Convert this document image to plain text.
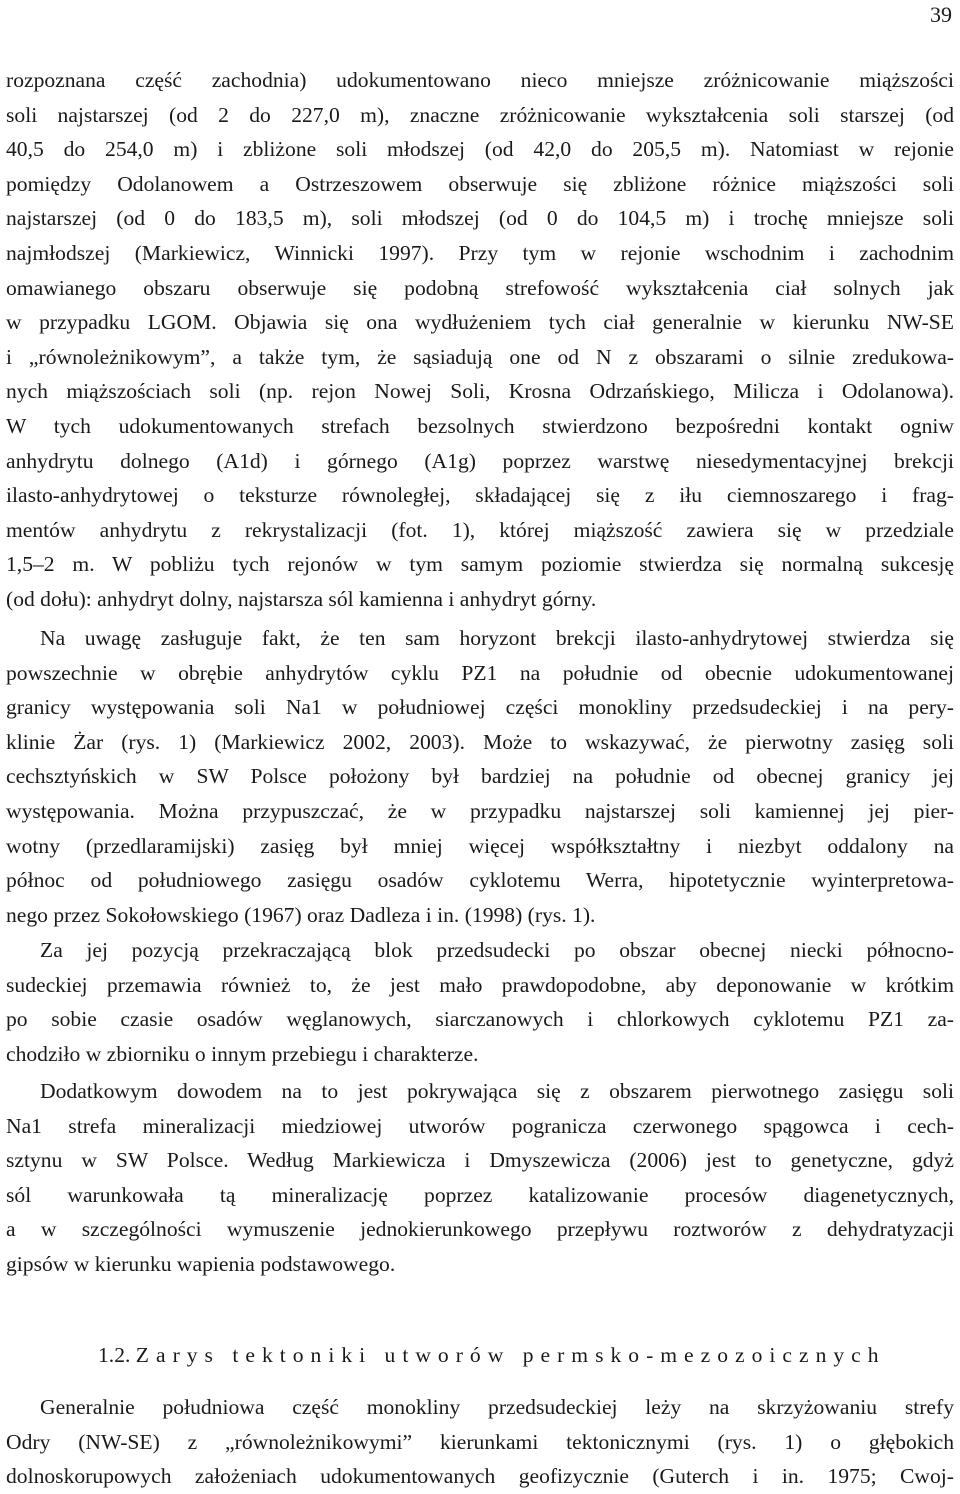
39
rozpoznana część zachodnia) udokumentowano nieco mniejsze zróżnicowanie miąższości
soli najstarszej (od 2 do 227,0 m), znaczne zróżnicowanie wykształcenia soli starszej (od
40,5 do 254,0 m) i zbliżone soli młodszej (od 42,0 do 205,5 m). Natomiast w rejonie
pomiędzy Odolanowem a Ostrzeszowem obserwuje się zbliżone różnice miąższości soli
najstarszej (od 0 do 183,5 m), soli młodszej (od 0 do 104,5 m) i trochę mniejsze soli
najmłodszej (Markiewicz, Winnicki 1997). Przy tym w rejonie wschodnim i zachodnim
omawianego obszaru obserwuje się podobną strefowość wykształcenia ciał solnych jak
w przypadku LGOM. Objawia się ona wydłużeniem tych ciał generalnie w kierunku NW-SE
i „równoleżnikowym”, a także tym, że sąsiadują one od N z obszarami o silnie zredukowa-
nych miąższościach soli (np. rejon Nowej Soli, Krosna Odrzańskiego, Milicza i Odolanowa).
W tych udokumentowanych strefach bezsolnych stwierdzono bezpośredni kontakt ogniw
anhydrytu dolnego (A1d) i górnego (A1g) poprzez warstwę niesedymentacyjnej brekcji
ilasto-anhydrytowej o teksturze równoległej, składającej się z iłu ciemnoszarego i frag-
mentów anhydrytu z rekrystalizacji (fot. 1), której miąższość zawiera się w przedziale
1,5–2 m. W pobliżu tych rejonów w tym samym poziomie stwierdza się normalną sukcesję
(od dołu): anhydryt dolny, najstarsza sól kamienna i anhydryt górny.
Na uwagę zasługuje fakt, że ten sam horyzont brekcji ilasto-anhydrytowej stwierdza się
powszechnie w obrębie anhydrytów cyklu PZ1 na południe od obecnie udokumentowanej
granicy występowania soli Na1 w południowej części monokliny przedsudeckiej i na pery-
klinie Żar (rys. 1) (Markiewicz 2002, 2003). Może to wskazywać, że pierwotny zasięg soli
cechsztyńskich w SW Polsce położony był bardziej na południe od obecnej granicy jej
występowania. Można przypuszczać, że w przypadku najstarszej soli kamiennej jej pier-
wotny (przedlaramijski) zasięg był mniej więcej współkształtny i niezbyt oddalony na
północ od południowego zasięgu osadów cyklotemu Werra, hipotetycznie wyinterpretowa-
nego przez Sokołowskiego (1967) oraz Dadleza i in. (1998) (rys. 1).
Za jej pozycją przekraczającą blok przedsudecki po obszar obecnej niecki północno-
sudeckiej przemawia również to, że jest mało prawdopodobne, aby deponowanie w krótkim
po sobie czasie osadów węglanowych, siarczanowych i chlorkowych cyklotemu PZ1 za-
chodziło w zbiorniku o innym przebiegu i charakterze.
Dodatkowym dowodem na to jest pokrywająca się z obszarem pierwotnego zasięgu soli
Na1 strefa mineralizacji miedziowej utworów pogranicza czerwonego spągowca i cech-
sztynu w SW Polsce. Według Markiewicza i Dmyszewicza (2006) jest to genetyczne, gdyż
sól warunkowała tą mineralizację poprzez katalizowanie procesów diagenetycznych,
a w szczególności wymuszenie jednokierunkowego przepływu roztworów z dehydratyzacji
gipsów w kierunku wapienia podstawowego.
1.2. Zarys tektoniki utworów permsko-mezozoicznych
Generalnie południowa część monokliny przedsudeckiej leży na skrzyżowaniu strefy
Odry (NW-SE) z „równoleżnikowymi” kierunkami tektonicznymi (rys. 1) o głębokich
dolnoskorupowych założeniach udokumentowanych geofizycznie (Guterch i in. 1975; Cwoj-
